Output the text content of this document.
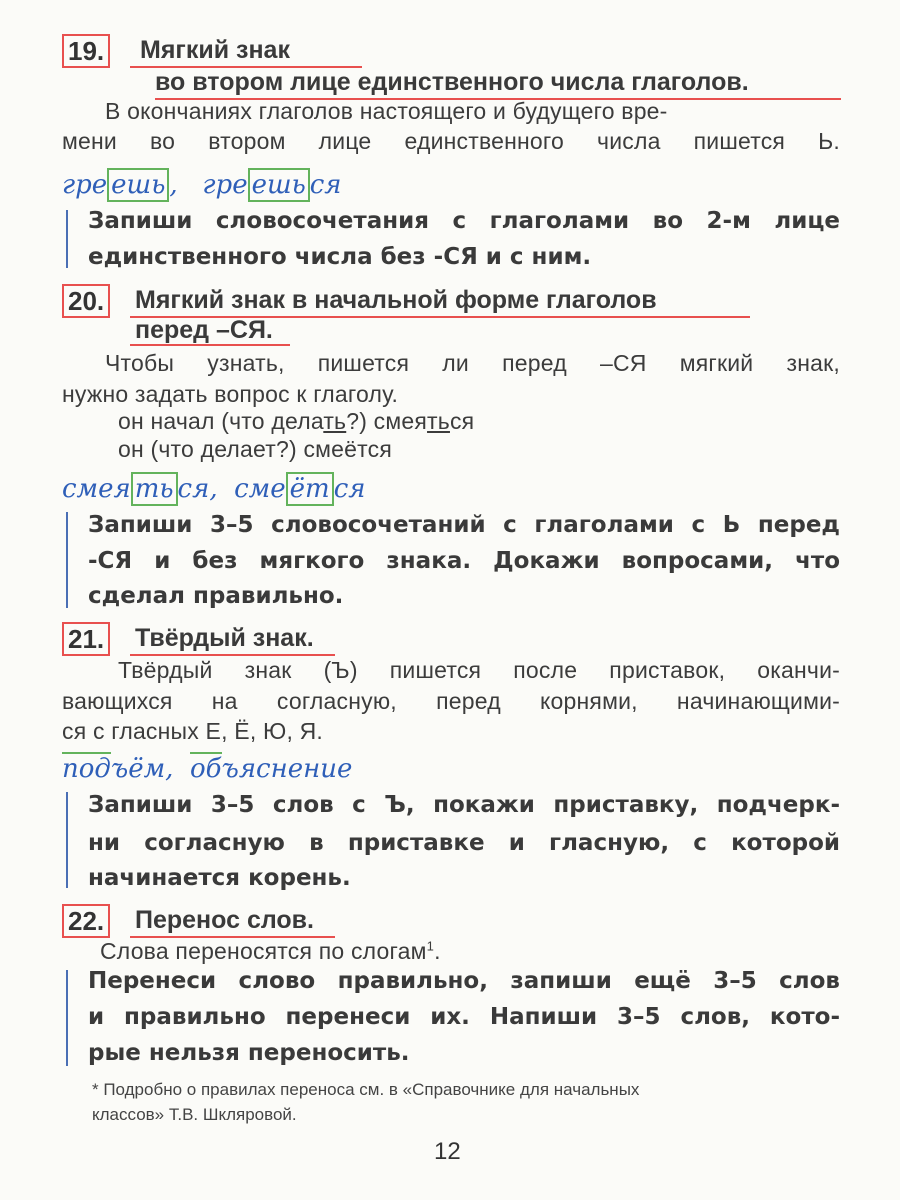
19. Мягкий знак
во втором лице единственного числа глаголов.
В окончаниях глаголов настоящего и будущего вре-
мени во втором лице единственного числа пишется Ь.
гре ешь ,   гре ешь ся
Запиши словосочетания с глаголами во 2-м лице
единственного числа без -СЯ и с ним.
20. Мягкий знак в начальной форме глаголов
перед –СЯ.
Чтобы узнать, пишется ли перед –СЯ мягкий знак,
нужно задать вопрос к глаголу.
он начал (что делать?) смеяться
он (что делает?) смеётся
смея ть ся,  сме ёт ся
Запиши 3–5 словосочетаний с глаголами с Ь перед
-СЯ и без мягкого знака. Докажи вопросами, что
сделал правильно.
21. Твёрдый знак.
Твёрдый знак (Ъ) пишется после приставок, оканчи-
вающихся на согласную, перед корнями, начинающими-
ся с гласных Е, Ё, Ю, Я.
подъём,  объяснение
Запиши 3–5 слов с Ъ, покажи приставку, подчерк-
ни согласную в приставке и гласную, с которой
начинается корень.
22. Перенос слов.
Слова переносятся по слогам$^1$.
Перенеси слово правильно, запиши ещё 3–5 слов
и правильно перенеси их. Напиши 3–5 слов, кото-
рые нельзя переносить.
* Подробно о правилах переноса см. в «Справочнике для начальных
классов» Т.В. Шкляровой.
12
